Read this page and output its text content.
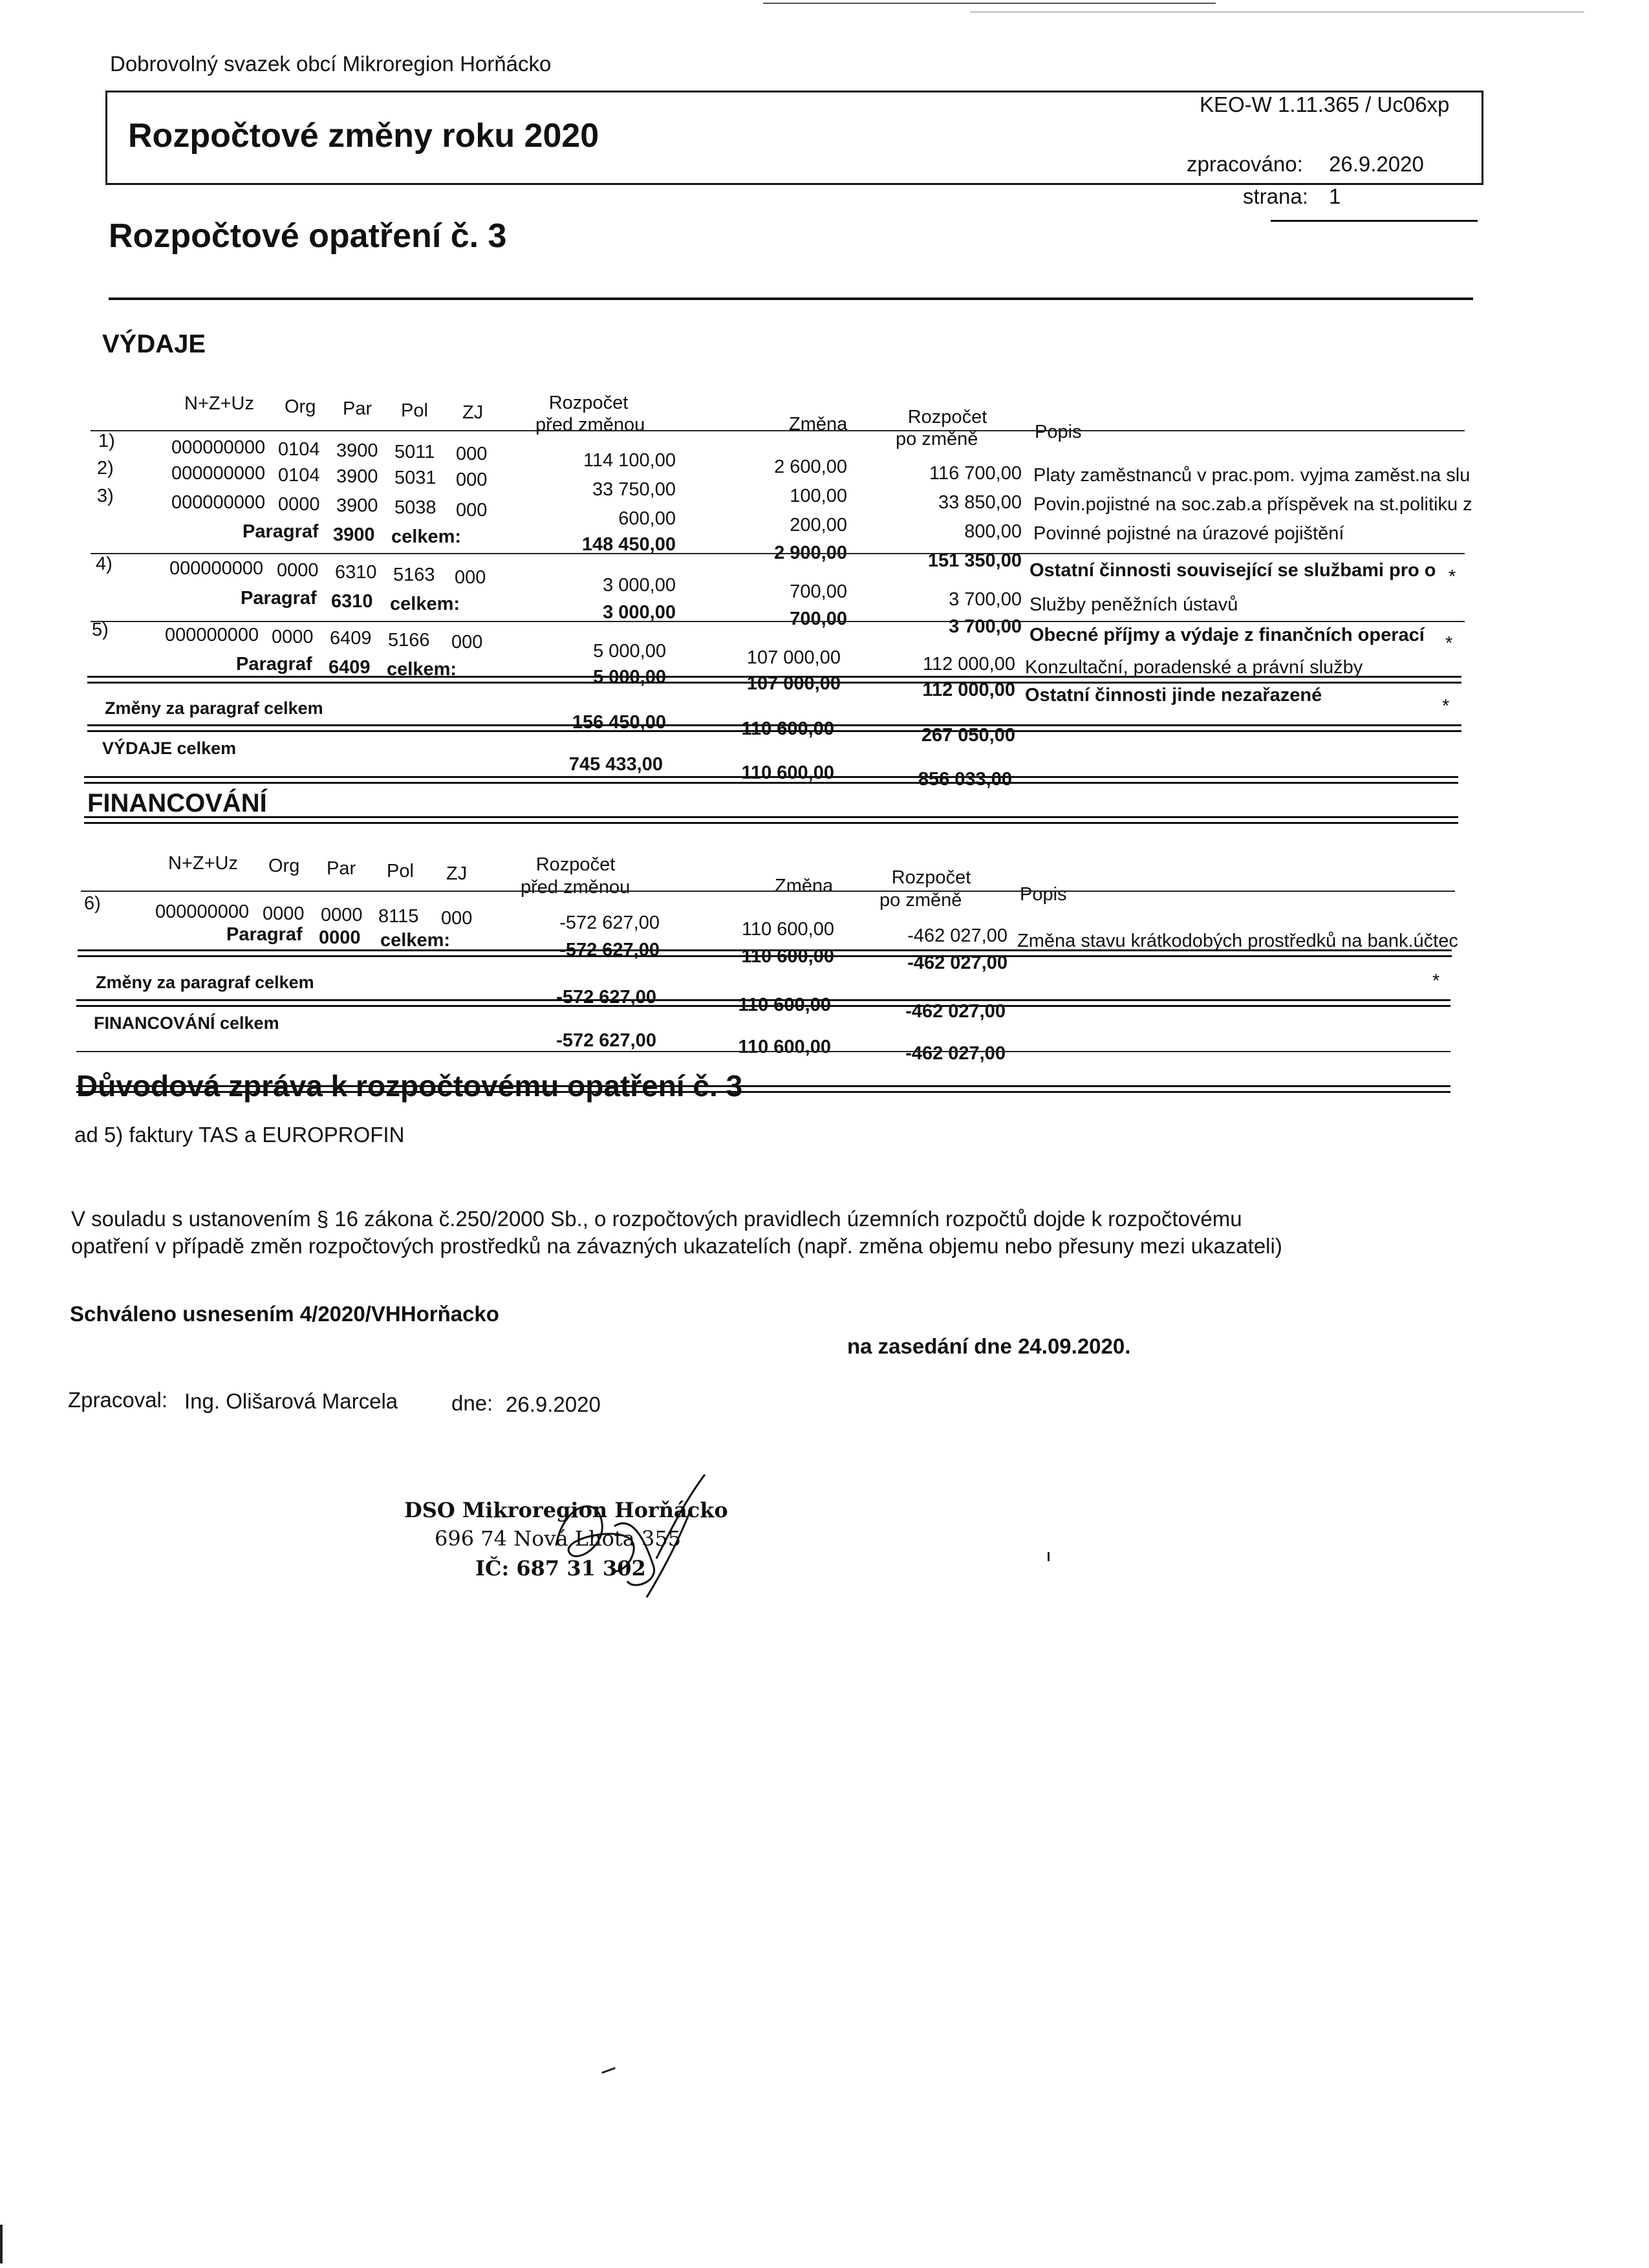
Dobrovolný svazek obcí Mikroregion Horňácko
KEO-W 1.11.365 / Uc06xp
Rozpočtové změny roku 2020
zpracováno: 26.9.2020
strana: 1
Rozpočtové opatření č. 3
VÝDAJE
N+Z+Uz Org Par Pol ZJ	Rozpočet
před změnou	Změna	Rozpočet
po změně	Popis
1)	000000000 0104 3900 5011 000	114 100,00	2 600,00	116 700,00 Platy zaměstnanců v prac.pom. vyjma zaměst.na slu
2)	000000000 0104 3900 5031 000	33 750,00	100,00	33 850,00 Povin.pojistné na soc.zab.a příspěvek na st.politiku z
3)	000000000 0000 3900 5038 000	600,00	200,00	800,00 Povinné pojistné na úrazové pojištění
Paragraf 3900 celkem:	148 450,00	2 900,00	151 350,00 Ostatní činnosti související se službami pro o *
4)	000000000 0000 6310 5163 000	3 000,00	700,00	3 700,00 Služby peněžních ústavů
Paragraf 6310 celkem:	3 000,00	700,00	3 700,00 Obecné příjmy a výdaje z finančních operací *
5)	000000000 0000 6409 5166 000	5 000,00	107 000,00	112 000,00 Konzultační, poradenské a právní služby
Paragraf 6409 celkem:	5 000,00	107 000,00	112 000,00 Ostatní činnosti jinde nezařazené
*
Změny za paragraf celkem
156 450,00	110 600,00	267 050,00
VÝDAJE celkem
745 433,00	110 600,00	856 033,00
FINANCOVÁNÍ
N+Z+Uz Org Par Pol ZJ	Rozpočet
před změnou	Změna	Rozpočet
po změně	Popis
6)	000000000 0000 0000 8115 000	-572 627,00	110 600,00	-462 027,00 Změna stavu krátkodobých prostředků na bank.účtec
Paragraf 0000 celkem:	-572 627,00	110 600,00	-462 027,00
*
Změny za paragraf celkem
-572 627,00	110 600,00	-462 027,00
FINANCOVÁNÍ celkem
-572 627,00	110 600,00	-462 027,00
Důvodová zpráva k rozpočtovému opatření č. 3
ad 5) faktury TAS a EUROPROFIN
V souladu s ustanovením § 16 zákona č.250/2000 Sb., o rozpočtových pravidlech územních rozpočtů dojde k rozpočtovému
opatření v případě změn rozpočtových prostředků na závazných ukazatelích (např. změna objemu nebo přesuny mezi ukazateli)
Schváleno usnesením 4/2020/VHHorňacko
na zasedání dne 24.09.2020.
Zpracoval: Ing. Olišarová Marcela	dne: 26.9.2020
DSO Mikroregion Horňácko
696 74 Nová Lhota 355
IČ: 687 31 302
